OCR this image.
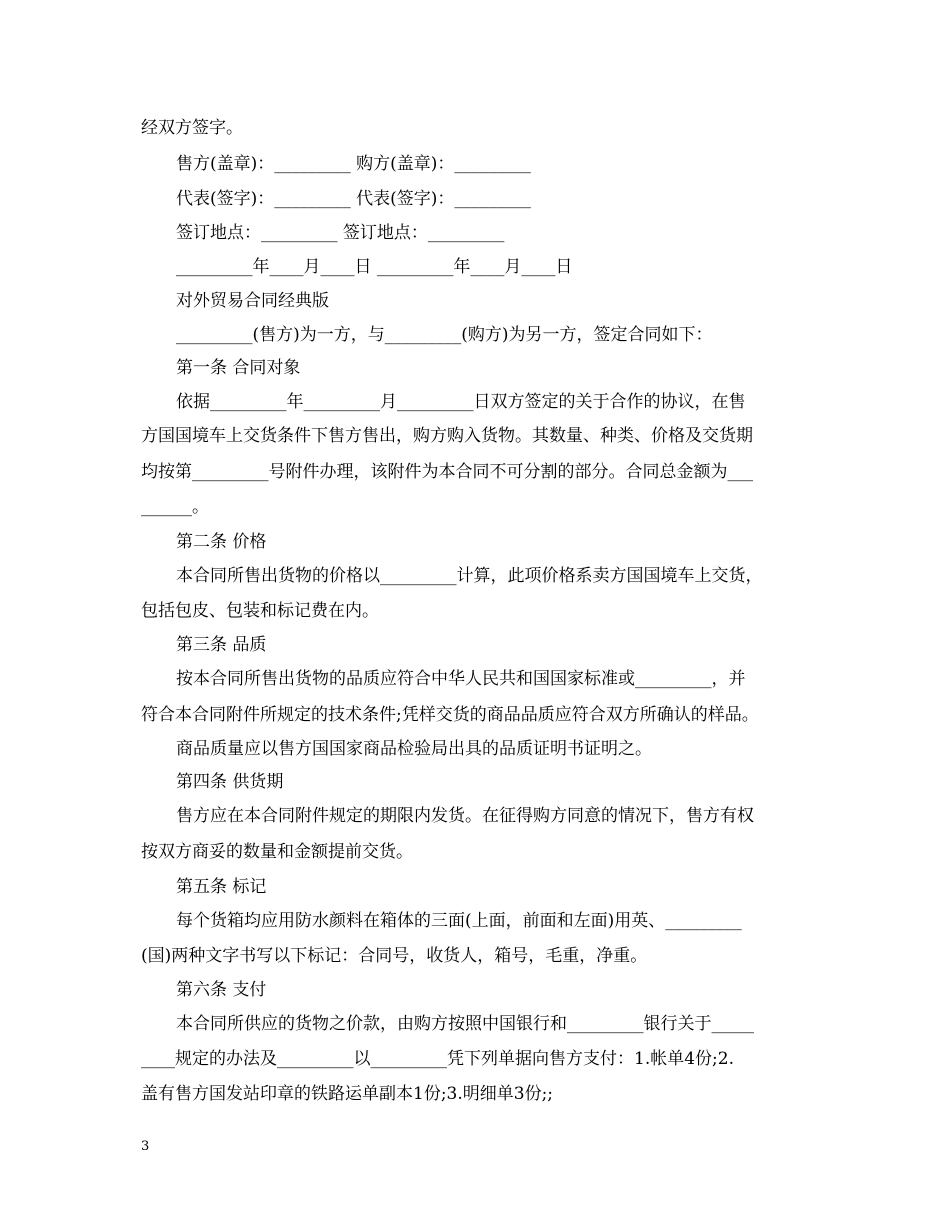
经双方签字。
售方(盖章)：_________ 购方(盖章)：_________
代表(签字)：_________ 代表(签字)：_________
签订地点：_________ 签订地点：_________
_________年____月____日 _________年____月____日
对外贸易合同经典版
_________(售方)为一方，与_________(购方)为另一方，签定合同如下：
第一条 合同对象
依据_________年_________月_________日双方签定的关于合作的协议，在售
方国国境车上交货条件下售方售出，购方购入货物。其数量、种类、价格及交货期
均按第_________号附件办理，该附件为本合同不可分割的部分。合同总金额为___
______。
第二条 价格
本合同所售出货物的价格以_________计算，此项价格系卖方国国境车上交货，
包括包皮、包装和标记费在内。
第三条 品质
按本合同所售出货物的品质应符合中华人民共和国国家标准或_________，并
符合本合同附件所规定的技术条件;凭样交货的商品品质应符合双方所确认的样品。
商品质量应以售方国国家商品检验局出具的品质证明书证明之。
第四条 供货期
售方应在本合同附件规定的期限内发货。在征得购方同意的情况下，售方有权
按双方商妥的数量和金额提前交货。
第五条 标记
每个货箱均应用防水颜料在箱体的三面(上面，前面和左面)用英、_________
(国)两种文字书写以下标记：合同号，收货人，箱号，毛重，净重。
第六条 支付
本合同所供应的货物之价款，由购方按照中国银行和_________银行关于_____
____规定的办法及_________以_________凭下列单据向售方支付：1.帐单4份;2.
盖有售方国发站印章的铁路运单副本1份;3.明细单3份;;
3
